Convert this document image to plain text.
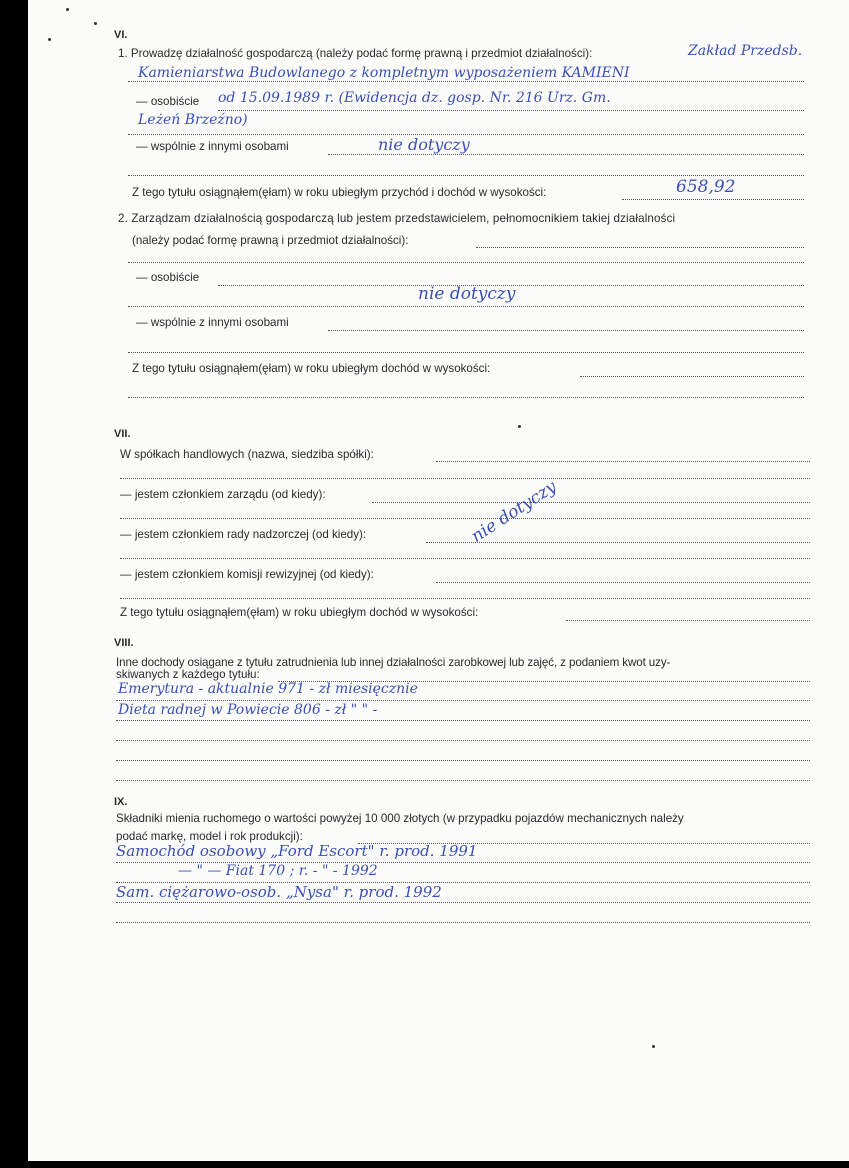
VI.
1. Prowadzę działalność gospodarczą (należy podać formę prawną i przedmiot działalności):	Zakład Przedsb.
Kamieniarstwa Budowlanego z kompletnym wyposażeniem KAMIENI
— osobiście od 15.09.1989 r. (Ewidencja dz. gosp. Nr. 216 Urz. Gm.
Leżeń Brzeźno)
— wspólnie z innymi osobami	nie dotyczy
Z tego tytułu osiągnąłem(ęłam) w roku ubiegłym przychód i dochód w wysokości:	658,92
2. Zarządzam działalnością gospodarczą lub jestem przedstawicielem, pełnomocnikiem takiej działalności
(należy podać formę prawną i przedmiot działalności):
— osobiście
nie dotyczy
— wspólnie z innymi osobami
Z tego tytułu osiągnąłem(ęłam) w roku ubiegłym dochód w wysokości:
VII.
W spółkach handlowych (nazwa, siedziba spółki):
— jestem członkiem zarządu (od kiedy):
— jestem członkiem rady nadzorczej (od kiedy):	nie dotyczy
— jestem członkiem komisji rewizyjnej (od kiedy):
Z tego tytułu osiągnąłem(ęłam) w roku ubiegłym dochód w wysokości:
VIII.
Inne dochody osiągane z tytułu zatrudnienia lub innej działalności zarobkowej lub zajęć, z podaniem kwot uzy-
skiwanych z każdego tytułu:
Emerytura - aktualnie 971 - zł miesięcznie
Dieta radnej w Powiecie 806 - zł " " -
IX.
Składniki mienia ruchomego o wartości powyżej 10 000 złotych (w przypadku pojazdów mechanicznych należy
podać markę, model i rok produkcji):
Samochód osobowy „Ford Escort" r. prod. 1991
— " — Fiat 170 ; r. - " - 1992
Sam. ciężarowo-osob. „Nysa" r. prod. 1992
